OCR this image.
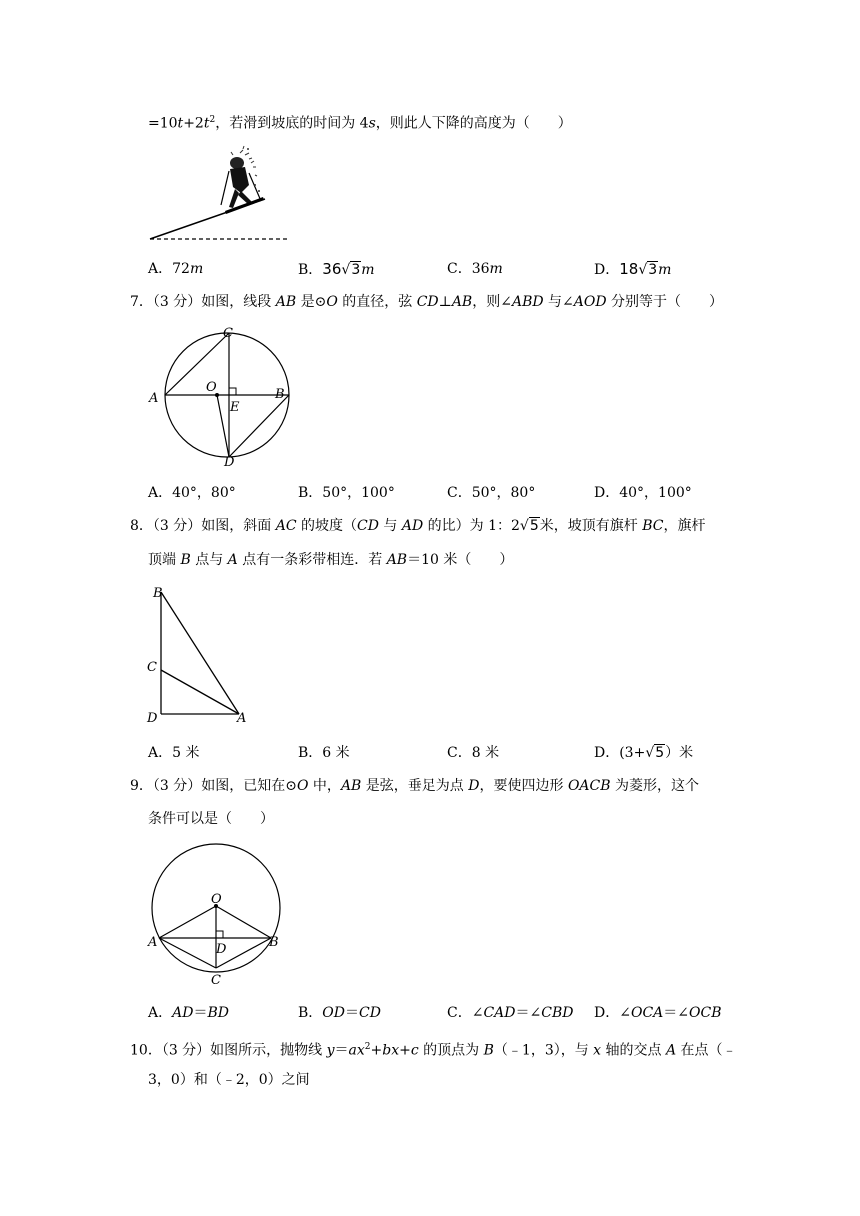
$=10t+2t^2$，若滑到坡底的时间为 4s，则此人下降的高度为（　　）
A．72m	B．36√3m	C．36m	D．18√3m
7．（3 分）如图，线段 AB 是⊙O 的直径，弦 CD⊥AB，则∠ABD 与∠AOD 分别等于（　　）
C
A
O
E
B
D
A．40°，80°	B．50°，100°	C．50°，80°	D．40°，100°
8．（3 分）如图，斜面 AC 的坡度（CD 与 AD 的比）为 1：2√5米，坡顶有旗杆 BC，旗杆
顶端 B 点与 A 点有一条彩带相连．若 AB＝10 米（　　）
B
C
D	A
A．5 米	B．6 米	C．8 米	D．(3+√5）米
9．（3 分）如图，已知在⊙O 中，AB 是弦，垂足为点 D，要使四边形 OACB 为菱形，这个
条件可以是（　　）
O
A	D	B
C
A．AD＝BD	B．OD＝CD	C．∠CAD＝∠CBD D．∠OCA＝∠OCB
10．（3 分）如图所示，抛物线 $y=ax^2+bx+c$ 的顶点为 B（﹣1，3），与 x 轴的交点 A 在点（﹣
3，0）和（﹣2，0）之间
